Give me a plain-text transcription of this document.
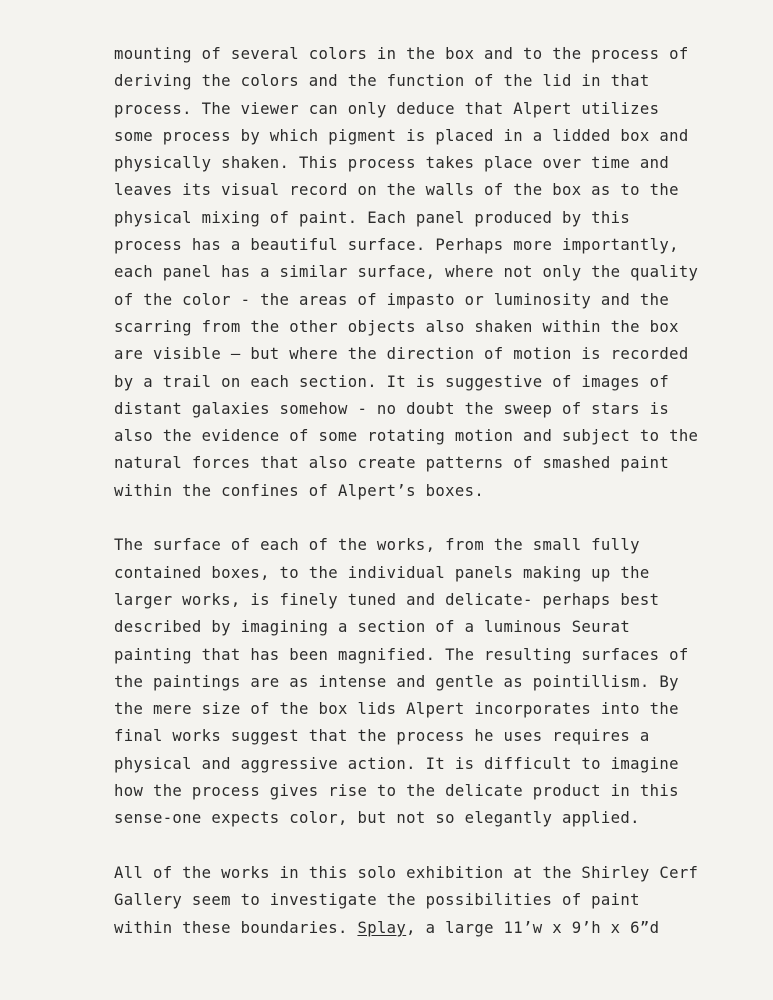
mounting of several colors in the box and to the process of
deriving the colors and the function of the lid in that
process. The viewer can only deduce that Alpert utilizes
some process by which pigment is placed in a lidded box and
physically shaken. This process takes place over time and
leaves its visual record on the walls of the box as to the
physical mixing of paint. Each panel produced by this
process has a beautiful surface. Perhaps more importantly,
each panel has a similar surface, where not only the quality
of the color - the areas of impasto or luminosity and the
scarring from the other objects also shaken within the box
are visible – but where the direction of motion is recorded
by a trail on each section. It is suggestive of images of
distant galaxies somehow - no doubt the sweep of stars is
also the evidence of some rotating motion and subject to the
natural forces that also create patterns of smashed paint
within the confines of Alpert’s boxes.
The surface of each of the works, from the small fully
contained boxes, to the individual panels making up the
larger works, is finely tuned and delicate- perhaps best
described by imagining a section of a luminous Seurat
painting that has been magnified. The resulting surfaces of
the paintings are as intense and gentle as pointillism. By
the mere size of the box lids Alpert incorporates into the
final works suggest that the process he uses requires a
physical and aggressive action. It is difficult to imagine
how the process gives rise to the delicate product in this
sense-one expects color, but not so elegantly applied.
All of the works in this solo exhibition at the Shirley Cerf
Gallery seem to investigate the possibilities of paint
within these boundaries. Splay, a large 11’w x 9’h x 6”d
